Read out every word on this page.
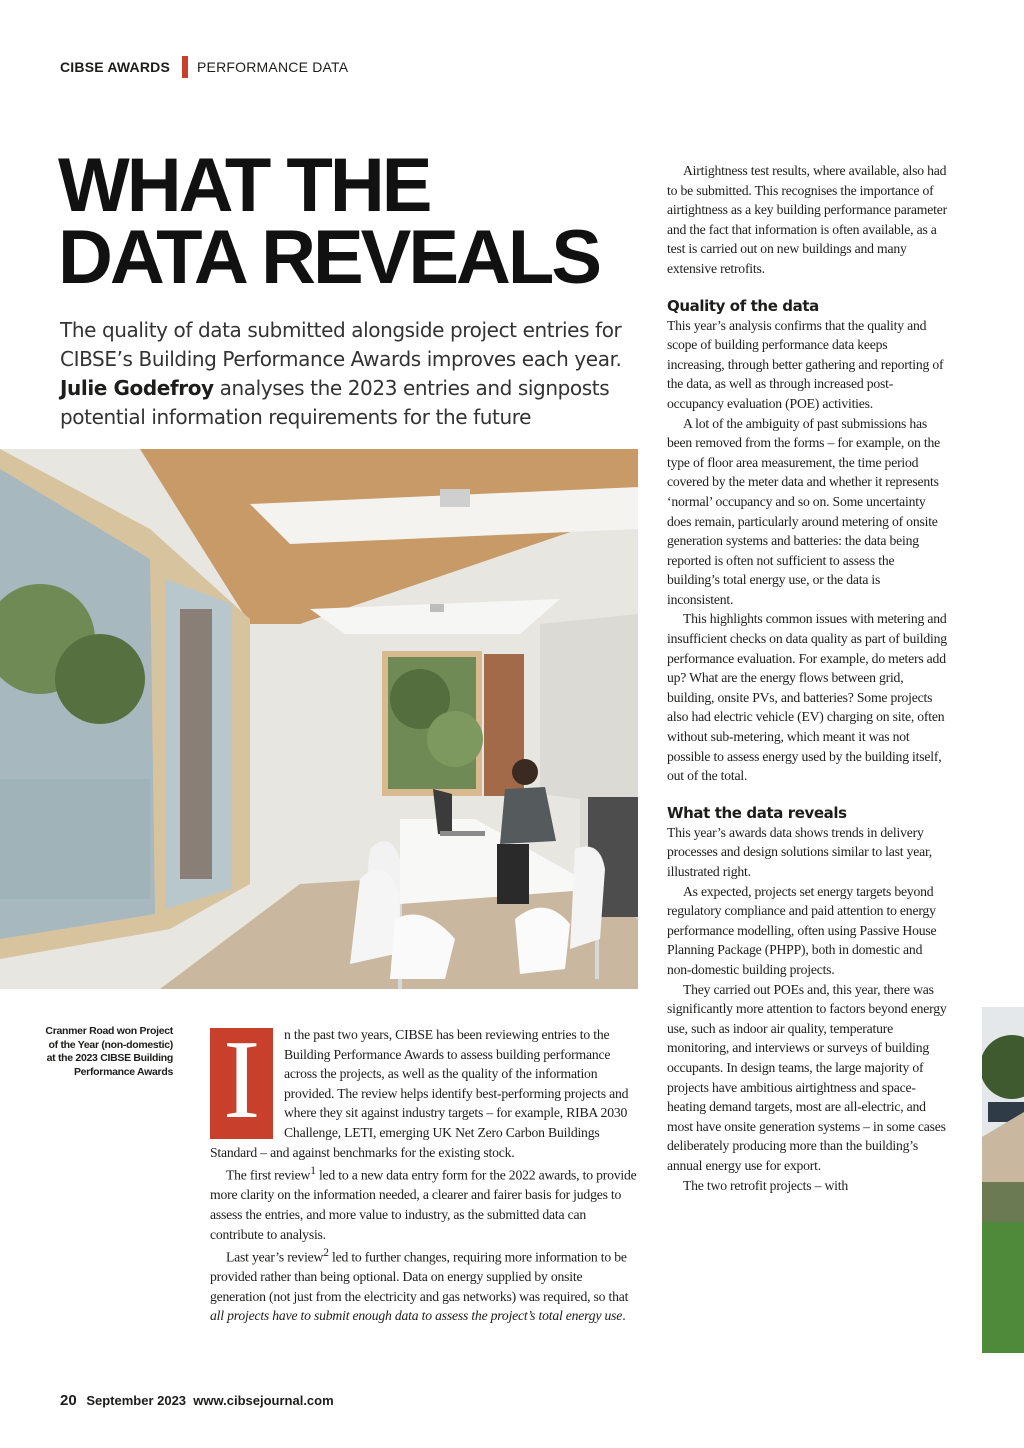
CIBSE AWARDS PERFORMANCE DATA
WHAT THE
DATA REVEALS

The quality of data submitted alongside project entries for CIBSE’s Building Performance Awards improves each year. Julie Godefroy analyses the 2023 entries and signposts potential information requirements for the future

Cranmer Road won Project of the Year (non-domestic) at the 2023 CIBSE Building Performance Awards I	n the past two years, CIBSE has been reviewing entries to the Building Performance Awards to assess building performance across the projects, as well as the quality of the information provided. The review helps identify best-performing projects and where they sit against industry targets – for example, RIBA 2030 Challenge, LETI, emerging UK Net Zero Carbon Buildings Standard – and against benchmarks for the existing stock.

The first review$^1$ led to a new data entry form for the 2022 awards, to provide more clarity on the information needed, a clearer and fairer basis for judges to assess the entries, and more value to industry, as the submitted data can contribute to analysis.

Last year’s review$^2$ led to further changes, requiring more information to be provided rather than being optional. Data on energy supplied by onsite generation (not just from the electricity and gas networks) was required, so that all projects have to submit enough data to assess the project’s total energy use.

Airtightness test results, where available, also had to be submitted. This recognises the importance of airtightness as a key building performance parameter and the fact that information is often available, as a test is carried out on new buildings and many extensive retrofits.

Quality of the data

This year’s analysis confirms that the quality and scope of building performance data keeps increasing, through better gathering and reporting of the data, as well as through increased post-occupancy evaluation (POE) activities.

A lot of the ambiguity of past submissions has been removed from the forms – for example, on the type of floor area measurement, the time period covered by the meter data and whether it represents ‘normal’ occupancy and so on. Some uncertainty does remain, particularly around metering of onsite generation systems and batteries: the data being reported is often not sufficient to assess the building’s total energy use, or the data is inconsistent.

This highlights common issues with metering and insufficient checks on data quality as part of building performance evaluation. For example, do meters add up? What are the energy flows between grid, building, onsite PVs, and batteries? Some projects also had electric vehicle (EV) charging on site, often without sub-metering, which meant it was not possible to assess energy used by the building itself, out of the total.

What the data reveals

This year’s awards data shows trends in delivery processes and design solutions similar to last year, illustrated right.

As expected, projects set energy targets beyond regulatory compliance and paid attention to energy performance modelling, often using Passive House Planning Package (PHPP), both in domestic and non-domestic building projects.

They carried out POEs and, this year, there was significantly more attention to factors beyond energy use, such as indoor air quality, temperature monitoring, and interviews or surveys of building occupants. In design teams, the large majority of projects have ambitious airtightness and space-heating demand targets, most are all-electric, and most have onsite generation systems – in some cases deliberately producing more than the building’s annual energy use for export.

The two retrofit projects – with

20 September 2023 www.cibsejournal.com
